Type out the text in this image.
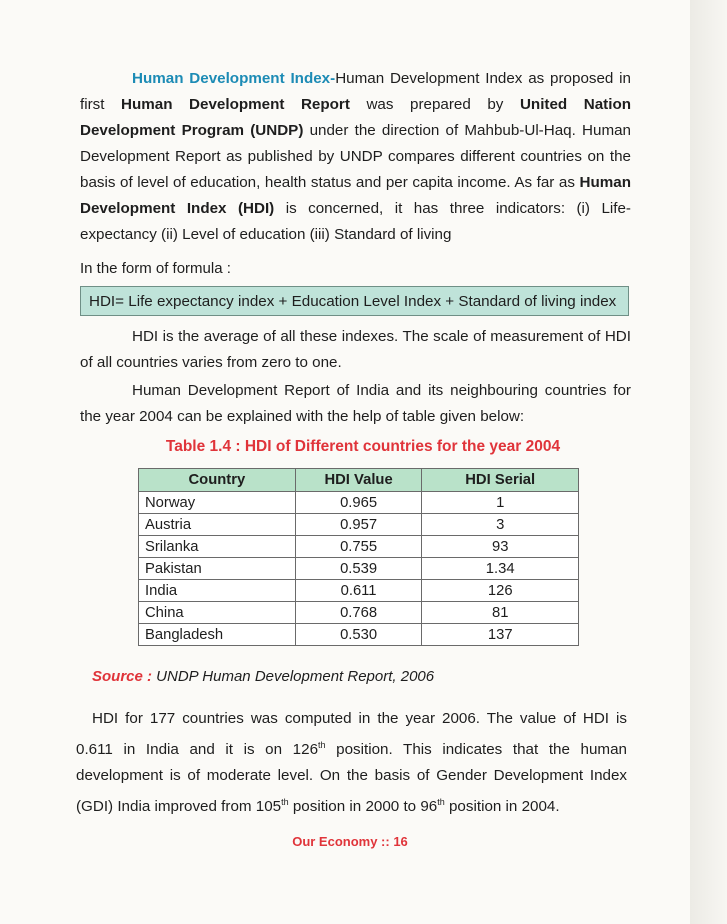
Human Development Index-Human Development Index as proposed in first Human Development Report was prepared by United Nation Development Program (UNDP) under the direction of Mahbub-Ul-Haq. Human Development Report as published by UNDP compares different countries on the basis of level of education, health status and per capita income. As far as Human Development Index (HDI) is concerned, it has three indicators: (i) Life-expectancy (ii) Level of education (iii) Standard of living

In the form of formula :
HDI= Life expectancy index + Education Level Index + Standard of living index

HDI is the average of all these indexes. The scale of measurement of HDI of all countries varies from zero to one.

Human Development Report of India and its neighbouring countries for the year 2004 can be explained with the help of table given below:

Table 1.4 : HDI of Different countries for the year 2004
Country	HDI Value	HDI Serial
Norway	0.965	1
Austria	0.957	3
Srilanka	0.755	93
Pakistan	0.539	1.34
India	0.611	126
China	0.768	81
Bangladesh	0.530	137
Source : UNDP Human Development Report, 2006

HDI for 177 countries was computed in the year 2006. The value of HDI is 0.611 in India and it is on 126th position. This indicates that the human development is of moderate level. On the basis of Gender Development Index (GDI) India improved from 105th position in 2000 to 96th position in 2004.

Our Economy :: 16
